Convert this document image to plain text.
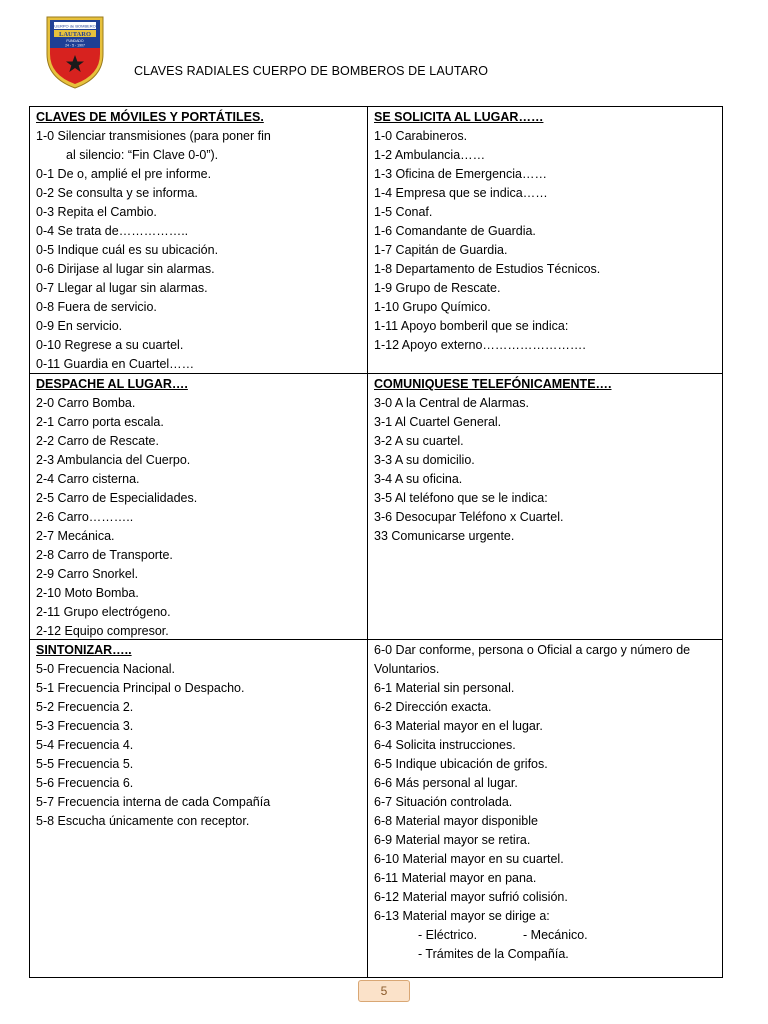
CUERPO de BOMBEROS
LAUTARO
FUNDADO
24 - 5 - 1907
CLAVES RADIALES CUERPO DE BOMBEROS DE LAUTARO
CLAVES DE MÓVILES Y PORTÁTILES.
1-0 Silenciar transmisiones (para poner fin
al silencio: “Fin Clave 0-0”).
0-1 De o, amplié el pre informe.
0-2 Se consulta y se informa.
0-3 Repita el Cambio.
0-4 Se trata de……………..
0-5 Indique cuál es su ubicación.
0-6 Dirijase al lugar sin alarmas.
0-7 Llegar al lugar sin alarmas.
0-8 Fuera de servicio.
0-9 En servicio.
0-10 Regrese a su cuartel.
0-11 Guardia en Cuartel……
SE SOLICITA AL LUGAR……
1-0 Carabineros.
1-2 Ambulancia……
1-3 Oficina de Emergencia……
1-4 Empresa que se indica……
1-5 Conaf.
1-6 Comandante de Guardia.
1-7 Capitán de Guardia.
1-8 Departamento de Estudios Técnicos.
1-9 Grupo de Rescate.
1-10 Grupo Químico.
1-11 Apoyo bomberil que se indica:
1-12 Apoyo externo…………………….
DESPACHE AL LUGAR….
2-0 Carro Bomba.
2-1 Carro porta escala.
2-2 Carro de Rescate.
2-3 Ambulancia del Cuerpo.
2-4 Carro cisterna.
2-5 Carro de Especialidades.
2-6 Carro………..
2-7 Mecánica.
2-8 Carro de Transporte.
2-9 Carro Snorkel.
2-10 Moto Bomba.
2-11 Grupo electrógeno.
2-12 Equipo compresor.
COMUNIQUESE TELEFÓNICAMENTE….
3-0 A la Central de Alarmas.
3-1 Al Cuartel General.
3-2 A su cuartel.
3-3 A su domicilio.
3-4 A su oficina.
3-5 Al teléfono que se le indica:
3-6 Desocupar Teléfono x Cuartel.
33 Comunicarse urgente.
SINTONIZAR…..
5-0 Frecuencia Nacional.
5-1 Frecuencia Principal o Despacho.
5-2 Frecuencia 2.
5-3 Frecuencia 3.
5-4 Frecuencia 4.
5-5 Frecuencia 5.
5-6 Frecuencia 6.
5-7 Frecuencia interna de cada Compañía
5-8 Escucha únicamente con receptor.
6-0 Dar conforme, persona o Oficial a cargo y número de Voluntarios.
6-1 Material sin personal.
6-2 Dirección exacta.
6-3 Material mayor en el lugar.
6-4 Solicita instrucciones.
6-5 Indique ubicación de grifos.
6-6 Más personal al lugar.
6-7 Situación controlada.
6-8 Material mayor disponible
6-9 Material mayor se retira.
6-10 Material mayor en su cuartel.
6-11 Material mayor en pana.
6-12 Material mayor sufrió colisión.
6-13 Material mayor se dirige a:
- Eléctrico.	- Mecánico.
- Trámites de la Compañía.
5
